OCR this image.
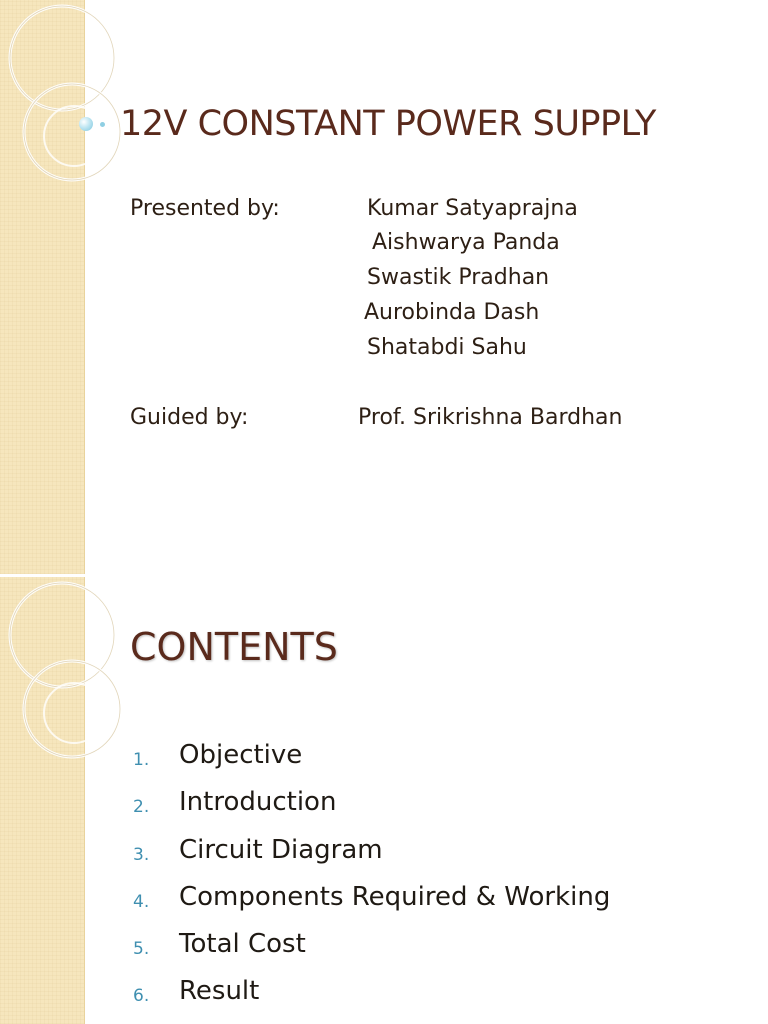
12V CONSTANT POWER SUPPLY
Presented by:	Kumar Satyaprajna
Aishwarya Panda
Swastik Pradhan
Aurobinda Dash
Shatabdi Sahu
Guided by:	Prof. Srikrishna Bardhan
CONTENTS
1. Objective
2. Introduction
3. Circuit Diagram
4. Components Required & Working
5. Total Cost
6. Result
